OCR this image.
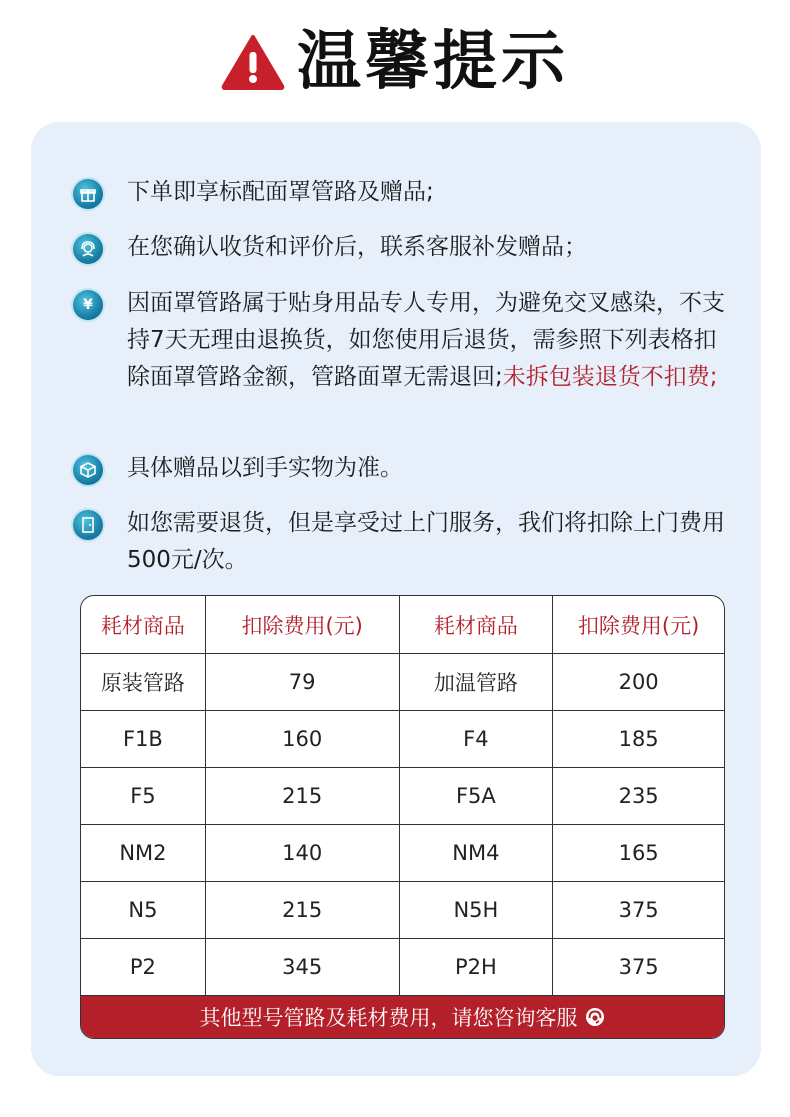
温馨提示
下单即享标配面罩管路及赠品;
在您确认收货和评价后，联系客服补发赠品；
¥	因面罩管路属于贴身用品专人专用，为避免交叉感染，不支持7天无理由退换货，如您使用后退货，需参照下列表格扣除面罩管路金额，管路面罩无需退回;未拆包装退货不扣费;
具体赠品以到手实物为准。
如您需要退货，但是享受过上门服务，我们将扣除上门费用500元/次。
耗材商品	扣除费用(元)	耗材商品	扣除费用(元)
原装管路	79	加温管路	200
F1B	160	F4	185
F5	215	F5A	235
NM2	140	NM4	165
N5	215	N5H	375
P2	345	P2H	375

其他型号管路及耗材费用，请您咨询客服			
